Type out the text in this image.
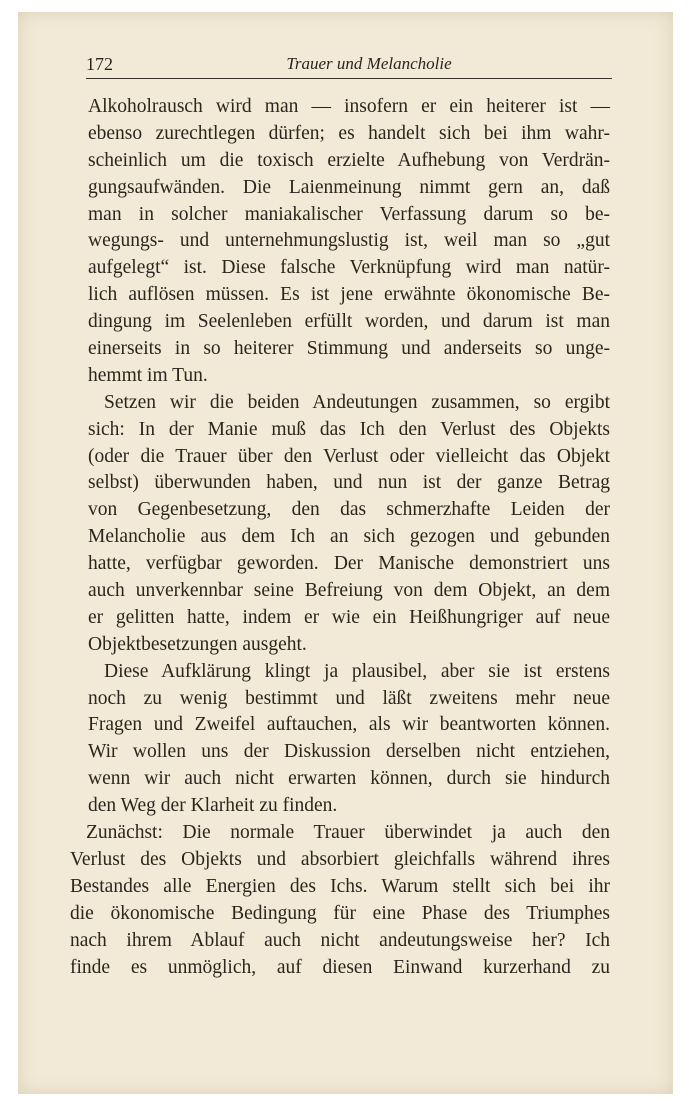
172	Trauer und Melancholie
Alkoholrausch wird man — insofern er ein heiterer ist —
ebenso zurechtlegen dürfen; es handelt sich bei ihm wahr-
scheinlich um die toxisch erzielte Aufhebung von Verdrän-
gungsaufwänden. Die Laienmeinung nimmt gern an, daß
man in solcher maniakalischer Verfassung darum so be-
wegungs- und unternehmungslustig ist, weil man so „gut
aufgelegt“ ist. Diese falsche Verknüpfung wird man natür-
lich auflösen müssen. Es ist jene erwähnte ökonomische Be-
dingung im Seelenleben erfüllt worden, und darum ist man
einerseits in so heiterer Stimmung und anderseits so unge-
hemmt im Tun.
Setzen wir die beiden Andeutungen zusammen, so ergibt
sich: In der Manie muß das Ich den Verlust des Objekts
(oder die Trauer über den Verlust oder vielleicht das Objekt
selbst) überwunden haben, und nun ist der ganze Betrag
von Gegenbesetzung, den das schmerzhafte Leiden der
Melancholie aus dem Ich an sich gezogen und gebunden
hatte, verfügbar geworden. Der Manische demonstriert uns
auch unverkennbar seine Befreiung von dem Objekt, an dem
er gelitten hatte, indem er wie ein Heißhungriger auf neue
Objektbesetzungen ausgeht.
Diese Aufklärung klingt ja plausibel, aber sie ist erstens
noch zu wenig bestimmt und läßt zweitens mehr neue
Fragen und Zweifel auftauchen, als wir beantworten können.
Wir wollen uns der Diskussion derselben nicht entziehen,
wenn wir auch nicht erwarten können, durch sie hindurch
den Weg der Klarheit zu finden.
Zunächst: Die normale Trauer überwindet ja auch den
Verlust des Objekts und absorbiert gleichfalls während ihres
Bestandes alle Energien des Ichs. Warum stellt sich bei ihr
die ökonomische Bedingung für eine Phase des Triumphes
nach ihrem Ablauf auch nicht andeutungsweise her? Ich
finde es unmöglich, auf diesen Einwand kurzerhand zu
